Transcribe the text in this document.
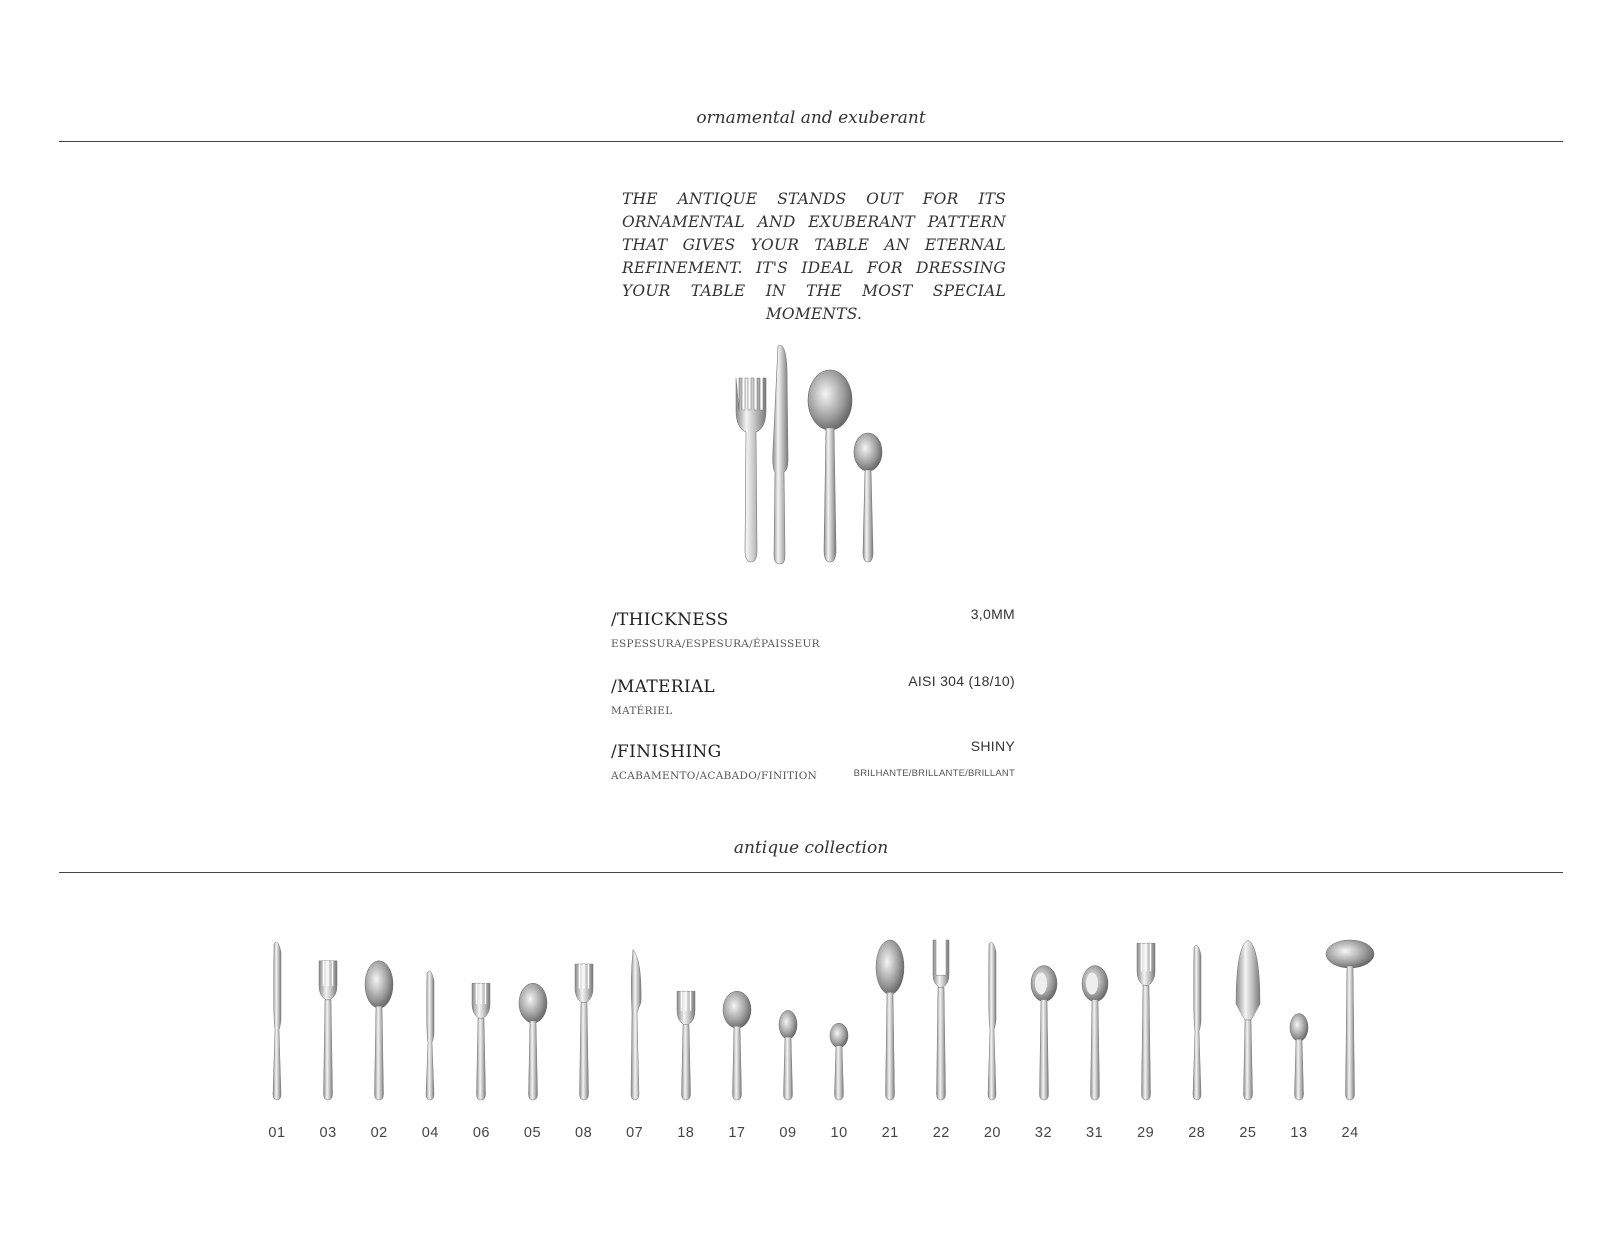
ornamental and exuberant
THE ANTIQUE STANDS OUT FOR ITS ORNAMENTAL AND EXUBERANT PATTERN THAT GIVES YOUR TABLE AN ETERNAL REFINEMENT. IT'S IDEAL FOR DRESSING YOUR TABLE IN THE MOST SPECIAL MOMENTS.
/THICKNESS
ESPESSURA/ESPESURA/ÉPAISSEUR
3,0MM
/MATERIAL
MATÉRIEL
AISI 304 (18/10)
/FINISHING
ACABAMENTO/ACABADO/FINITION
SHINY
BRILHANTE/BRILLANTE/BRILLANT
antique collection
01	03	02	04	06	05	08	07	18	17	09	10	21	22	20	32	31	29	28	25	13	24
